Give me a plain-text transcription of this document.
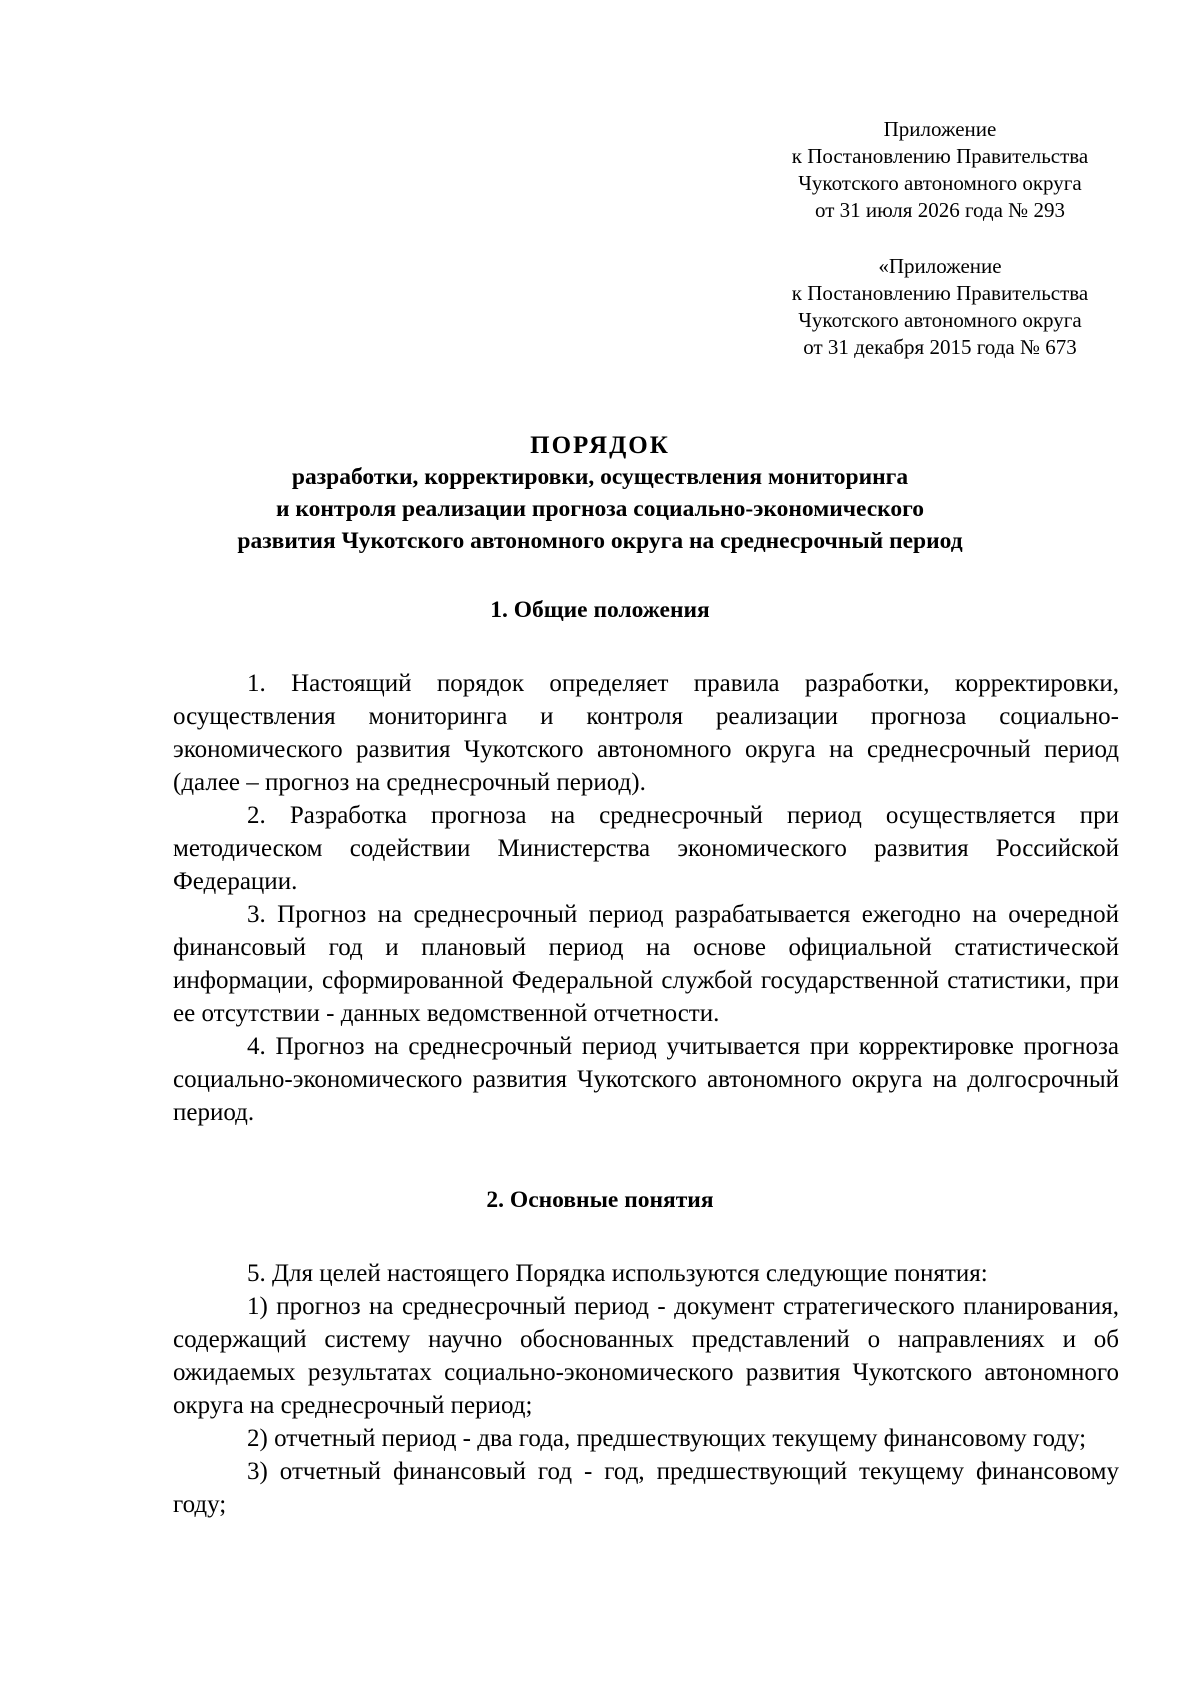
Приложение
к Постановлению Правительства
Чукотского автономного округа
от 31 июля 2026 года № 293
«Приложение
к Постановлению Правительства
Чукотского автономного округа
от 31 декабря 2015 года № 673
ПОРЯДОК
разработки, корректировки, осуществления мониторинга
и контроля реализации прогноза социально-экономического
развития Чукотского автономного округа на среднесрочный период
1. Общие положения

1. Настоящий порядок определяет правила разработки, корректировки, осуществления мониторинга и контроля реализации прогноза социально-экономического развития Чукотского автономного округа на среднесрочный период (далее – прогноз на среднесрочный период).

2. Разработка прогноза на среднесрочный период осуществляется при методическом содействии Министерства экономического развития Российской Федерации.

3. Прогноз на среднесрочный период разрабатывается ежегодно на очередной финансовый год и плановый период на основе официальной статистической информации, сформированной Федеральной службой государственной статистики, при ее отсутствии - данных ведомственной отчетности.

4. Прогноз на среднесрочный период учитывается при корректировке прогноза социально-экономического развития Чукотского автономного округа на долгосрочный период.

2. Основные понятия

5. Для целей настоящего Порядка используются следующие понятия:

1) прогноз на среднесрочный период - документ стратегического планирования, содержащий систему научно обоснованных представлений о направлениях и об ожидаемых результатах социально-экономического развития Чукотского автономного округа на среднесрочный период;

2) отчетный период - два года, предшествующих текущему финансовому году;

3) отчетный финансовый год - год, предшествующий текущему финансовому году;
